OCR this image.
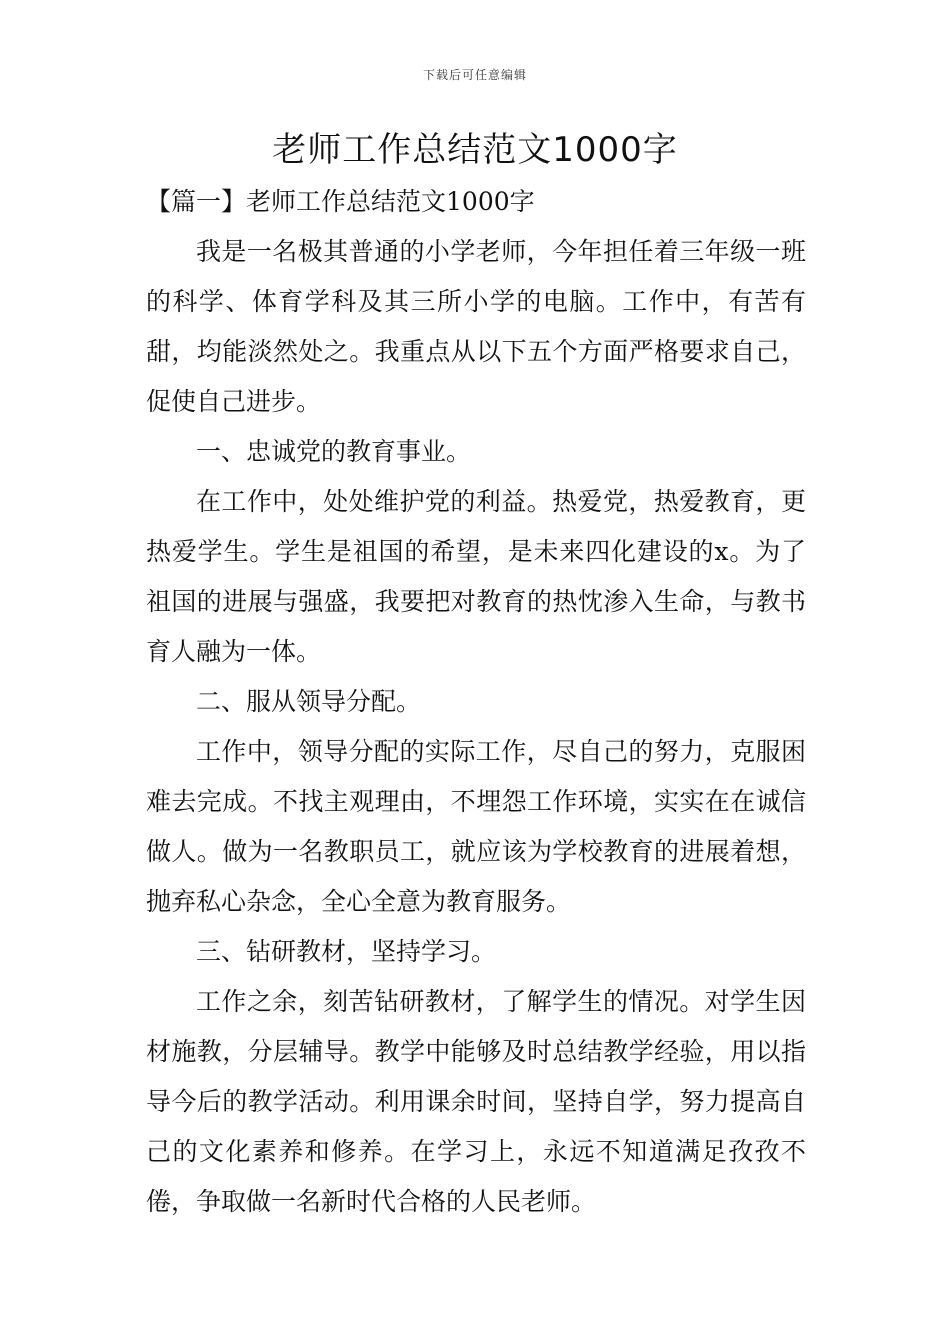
下载后可任意编辑
老师工作总结范文1000字

【篇一】老师工作总结范文1000字

我是一名极其普通的小学老师，今年担任着三年级一班的科学、体育学科及其三所小学的电脑。工作中，有苦有甜，均能淡然处之。我重点从以下五个方面严格要求自己，促使自己进步。

一、忠诚党的教育事业。

在工作中，处处维护党的利益。热爱党，热爱教育，更热爱学生。学生是祖国的希望，是未来四化建设的x。为了祖国的进展与强盛，我要把对教育的热忱渗入生命，与教书育人融为一体。

二、服从领导分配。

工作中，领导分配的实际工作，尽自己的努力，克服困难去完成。不找主观理由，不埋怨工作环境，实实在在诚信做人。做为一名教职员工，就应该为学校教育的进展着想，抛弃私心杂念，全心全意为教育服务。

三、钻研教材，坚持学习。

工作之余，刻苦钻研教材，了解学生的情况。对学生因材施教，分层辅导。教学中能够及时总结教学经验，用以指导今后的教学活动。利用课余时间，坚持自学，努力提高自己的文化素养和修养。在学习上，永远不知道满足孜孜不倦，争取做一名新时代合格的人民老师。
